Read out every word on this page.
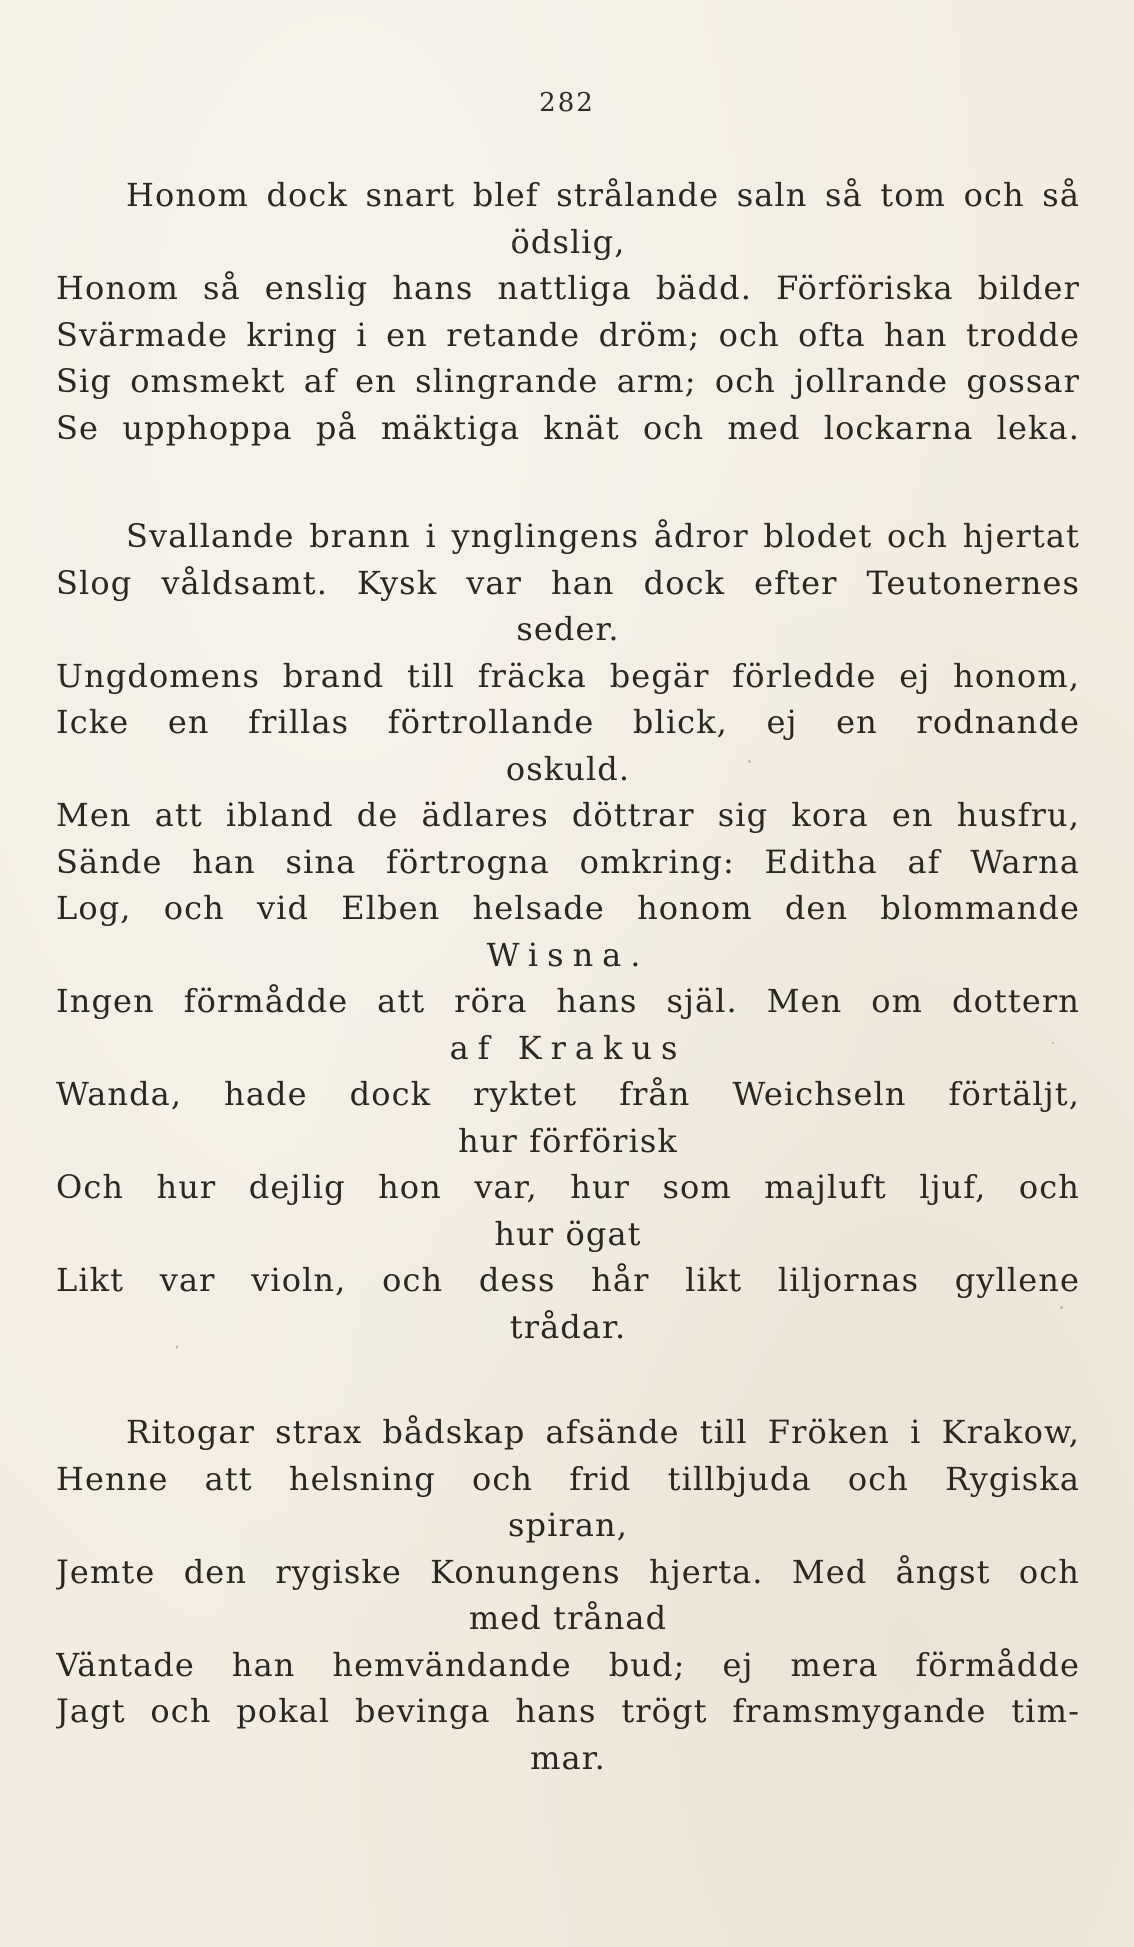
282
Honom dock snart blef strålande saln så tom och så
ödslig,
Honom så enslig hans nattliga bädd. Förföriska bilder
Svärmade kring i en retande dröm; och ofta han trodde
Sig omsmekt af en slingrande arm; och jollrande gossar
Se upphoppa på mäktiga knät och med lockarna leka.
Svallande brann i ynglingens ådror blodet och hjertat
Slog våldsamt. Kysk var han dock efter Teutonernes
seder.
Ungdomens brand till fräcka begär förledde ej honom,
Icke en frillas förtrollande blick, ej en rodnande
oskuld.
Men att ibland de ädlares döttrar sig kora en husfru,
Sände han sina förtrogna omkring: Editha af Warna
Log, och vid Elben helsade honom den blommande
Wisna.
Ingen förmådde att röra hans själ. Men om dottern
af Krakus
Wanda, hade dock ryktet från Weichseln förtäljt,
hur förförisk
Och hur dejlig hon var, hur som majluft ljuf, och
hur ögat
Likt var violn, och dess hår likt liljornas gyllene
trådar.
Ritogar strax bådskap afsände till Fröken i Krakow,
Henne att helsning och frid tillbjuda och Rygiska
spiran,
Jemte den rygiske Konungens hjerta. Med ångst och
med trånad
Väntade han hemvändande bud; ej mera förmådde
Jagt och pokal bevinga hans trögt framsmygande tim-
mar.
